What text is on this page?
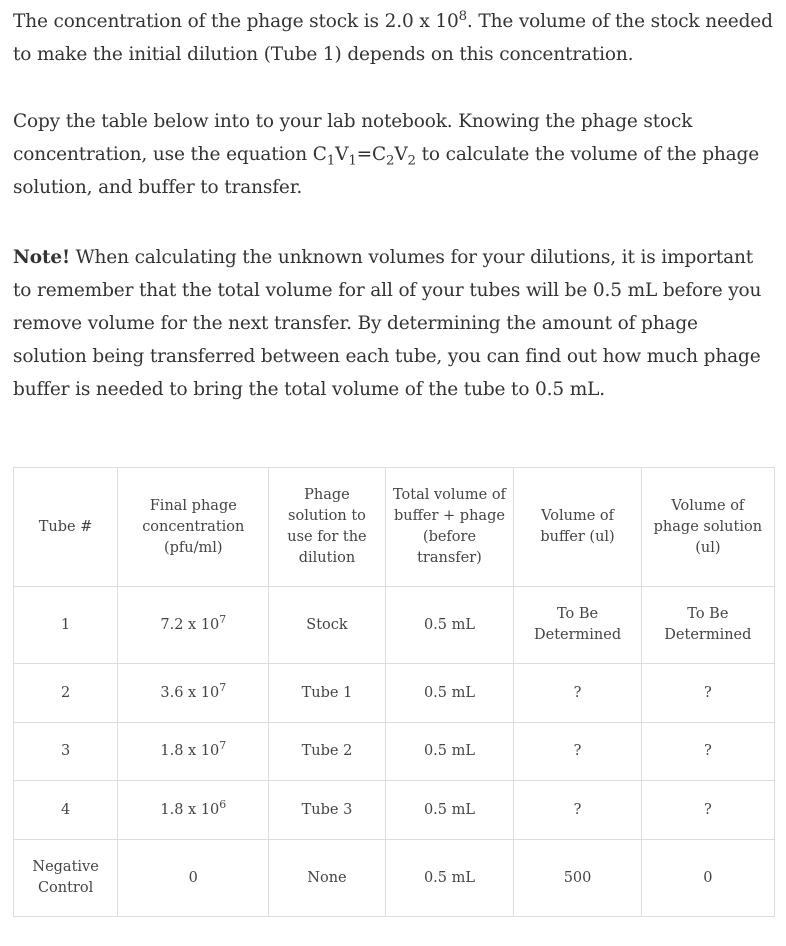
The concentration of the phage stock is 2.0 x $10^8$. The volume of the stock needed to make the initial dilution (Tube 1) depends on this concentration.

Copy the table below into to your lab notebook. Knowing the phage stock concentration, use the equation $C_1V_1=C_2V_2$ to calculate the volume of the phage solution, and buffer to transfer.

Note! When calculating the unknown volumes for your dilutions, it is important to remember that the total volume for all of your tubes will be 0.5 mL before you remove volume for the next transfer. By determining the amount of phage solution being transferred between each tube, you can find out how much phage buffer is needed to bring the total volume of the tube to 0.5 mL.

Tube #	Final phage concentration (pfu/ml)	Phage solution to use for the dilution	Total volume of buffer + phage (before transfer)	Volume of buffer (ul)	Volume of phage solution (ul)
1	7.2 x $10^7$	Stock	0.5 mL	To Be Determined	To Be Determined
2	3.6 x $10^7$	Tube 1	0.5 mL	?	?
3	1.8 x $10^7$	Tube 2	0.5 mL	?	?
4	1.8 x $10^6$	Tube 3	0.5 mL	?	?
Negative Control	0	None	0.5 mL	500	0
